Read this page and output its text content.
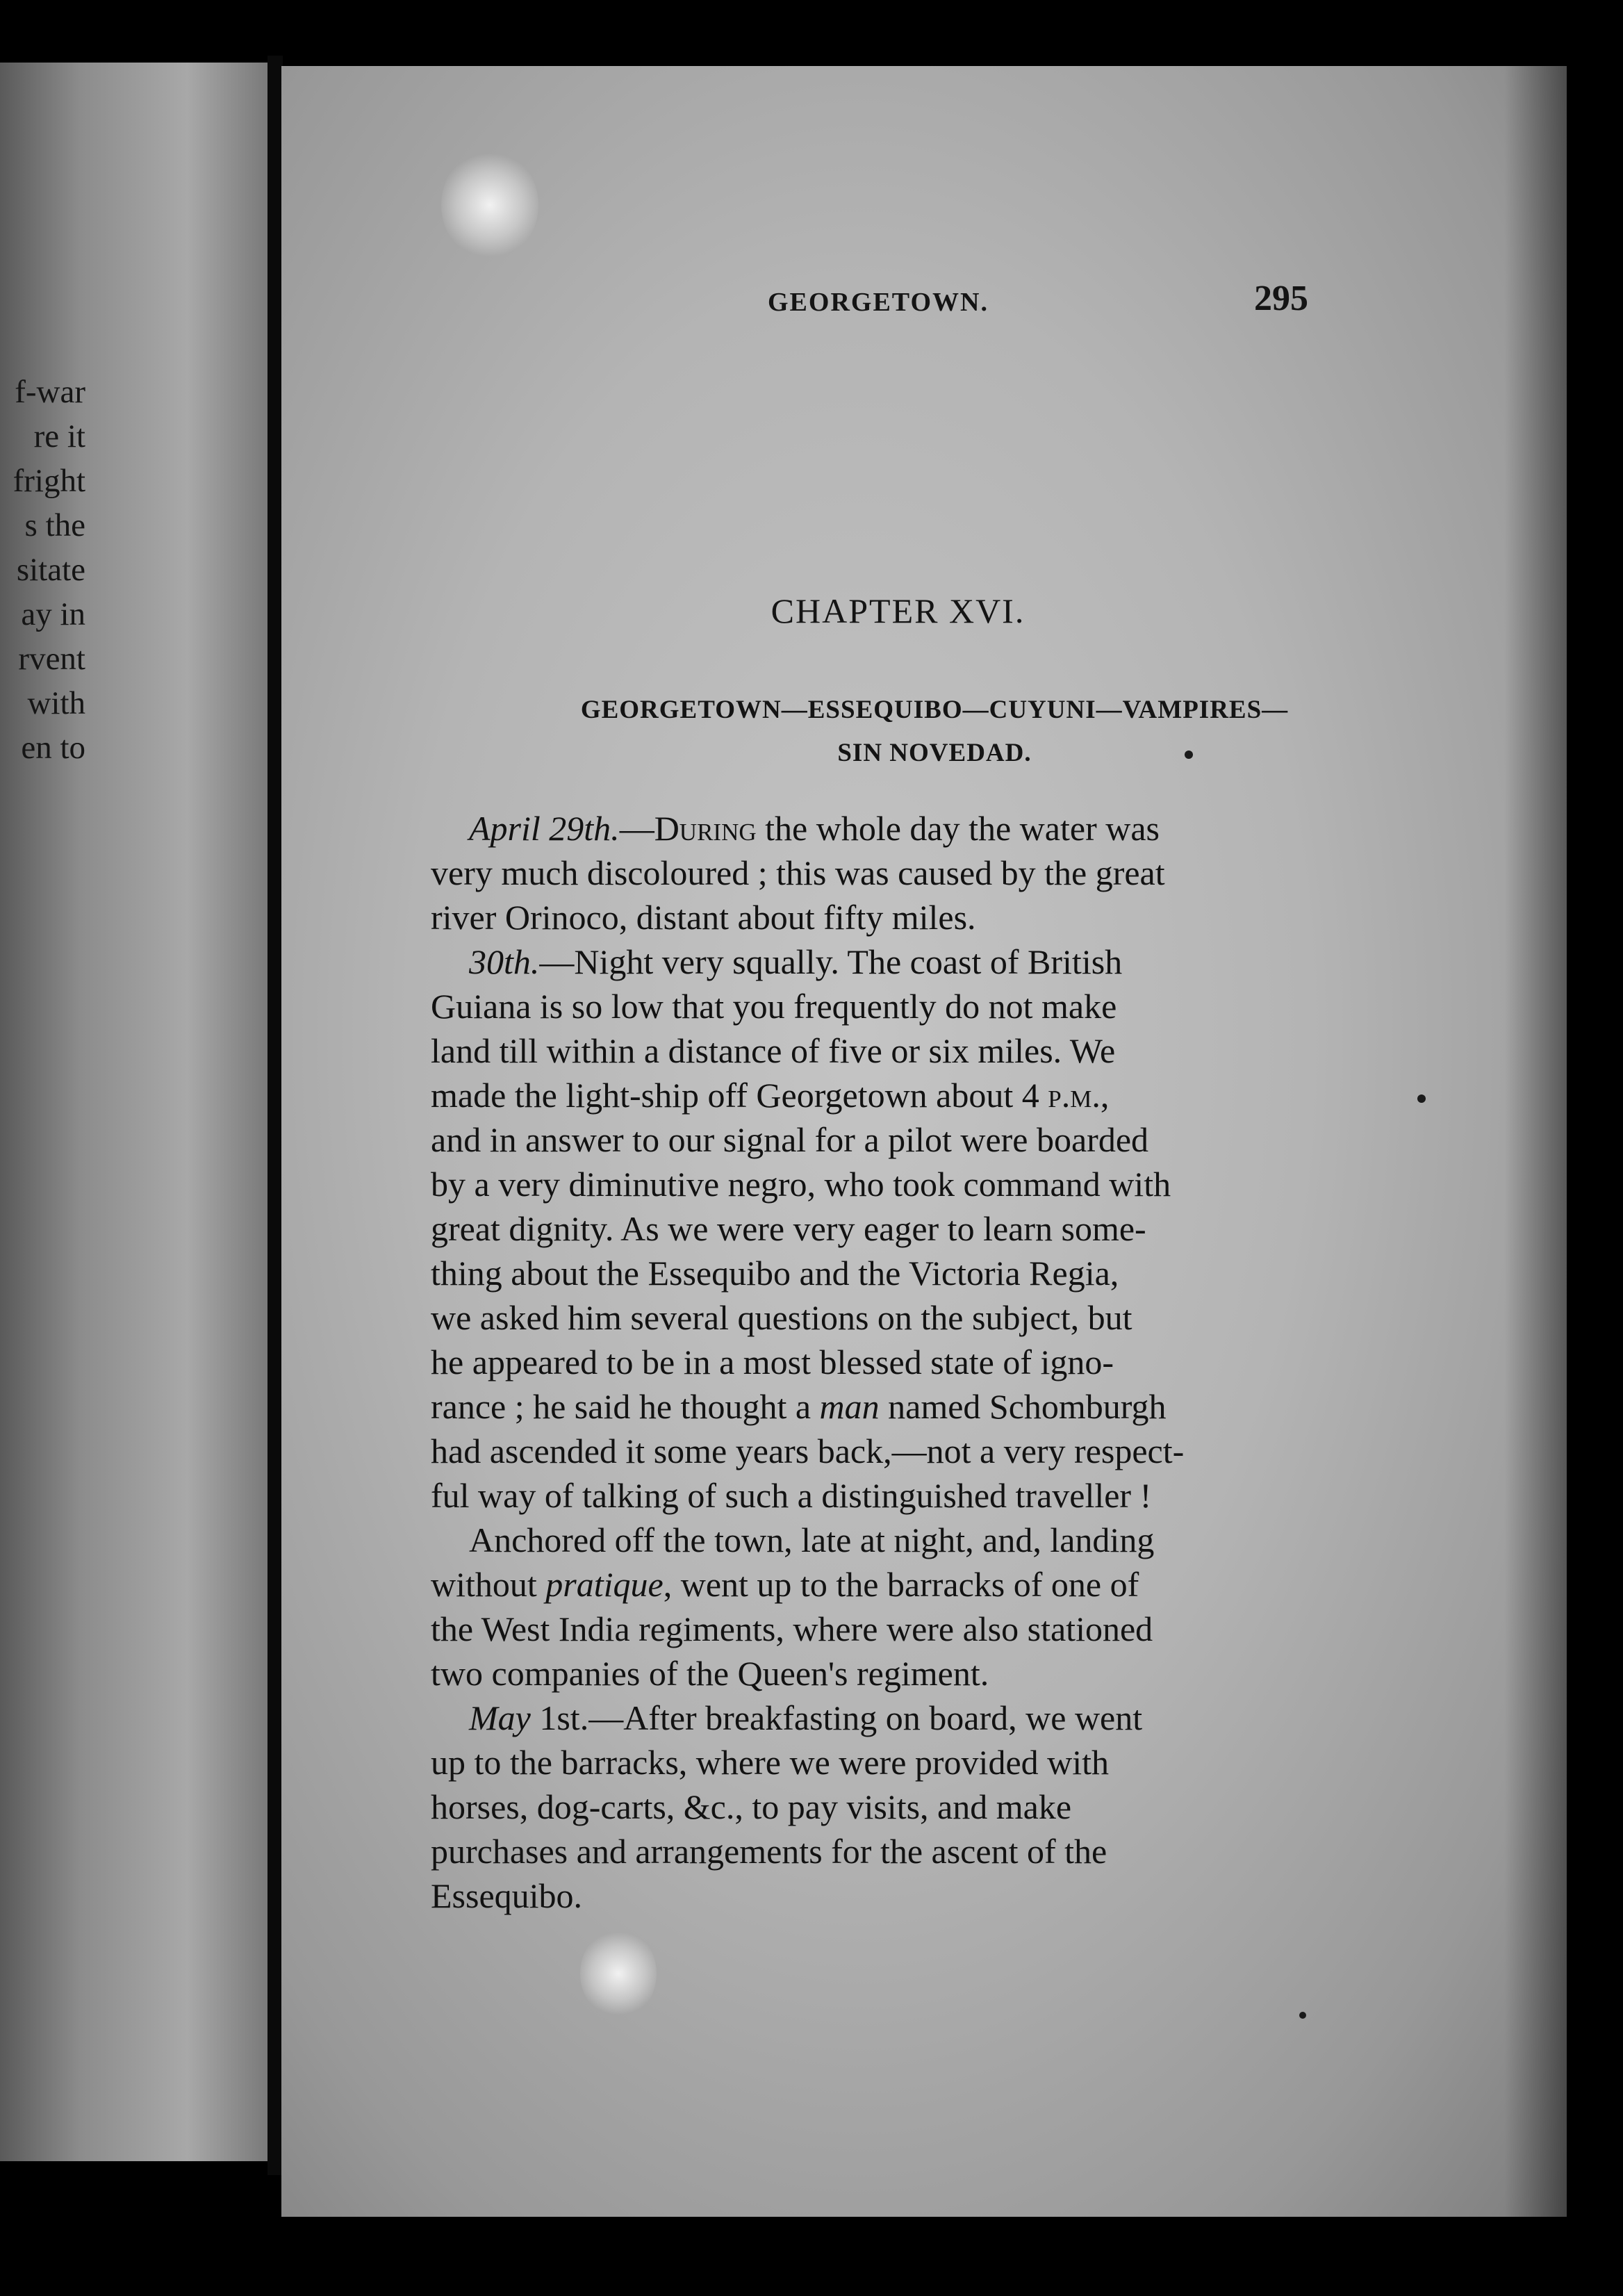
f-war
re it
fright
s the
sitate
ay in
rvent
with
en to
GEORGETOWN.	295
CHAPTER XVI.
GEORGETOWN—ESSEQUIBO—CUYUNI—VAMPIRES—
SIN NOVEDAD.
April 29th.—During the whole day the water was
very much discoloured ; this was caused by the great
river Orinoco, distant about fifty miles.
30th.—Night very squally. The coast of British
Guiana is so low that you frequently do not make
land till within a distance of five or six miles. We
made the light-ship off Georgetown about 4 p.m.,
and in answer to our signal for a pilot were boarded
by a very diminutive negro, who took command with
great dignity. As we were very eager to learn some-
thing about the Essequibo and the Victoria Regia,
we asked him several questions on the subject, but
he appeared to be in a most blessed state of igno-
rance ; he said he thought a man named Schomburgh
had ascended it some years back,—not a very respect-
ful way of talking of such a distinguished traveller !
Anchored off the town, late at night, and, landing
without pratique, went up to the barracks of one of
the West India regiments, where were also stationed
two companies of the Queen's regiment.
May 1st.—After breakfasting on board, we went
up to the barracks, where we were provided with
horses, dog-carts, &c., to pay visits, and make
purchases and arrangements for the ascent of the
Essequibo.
